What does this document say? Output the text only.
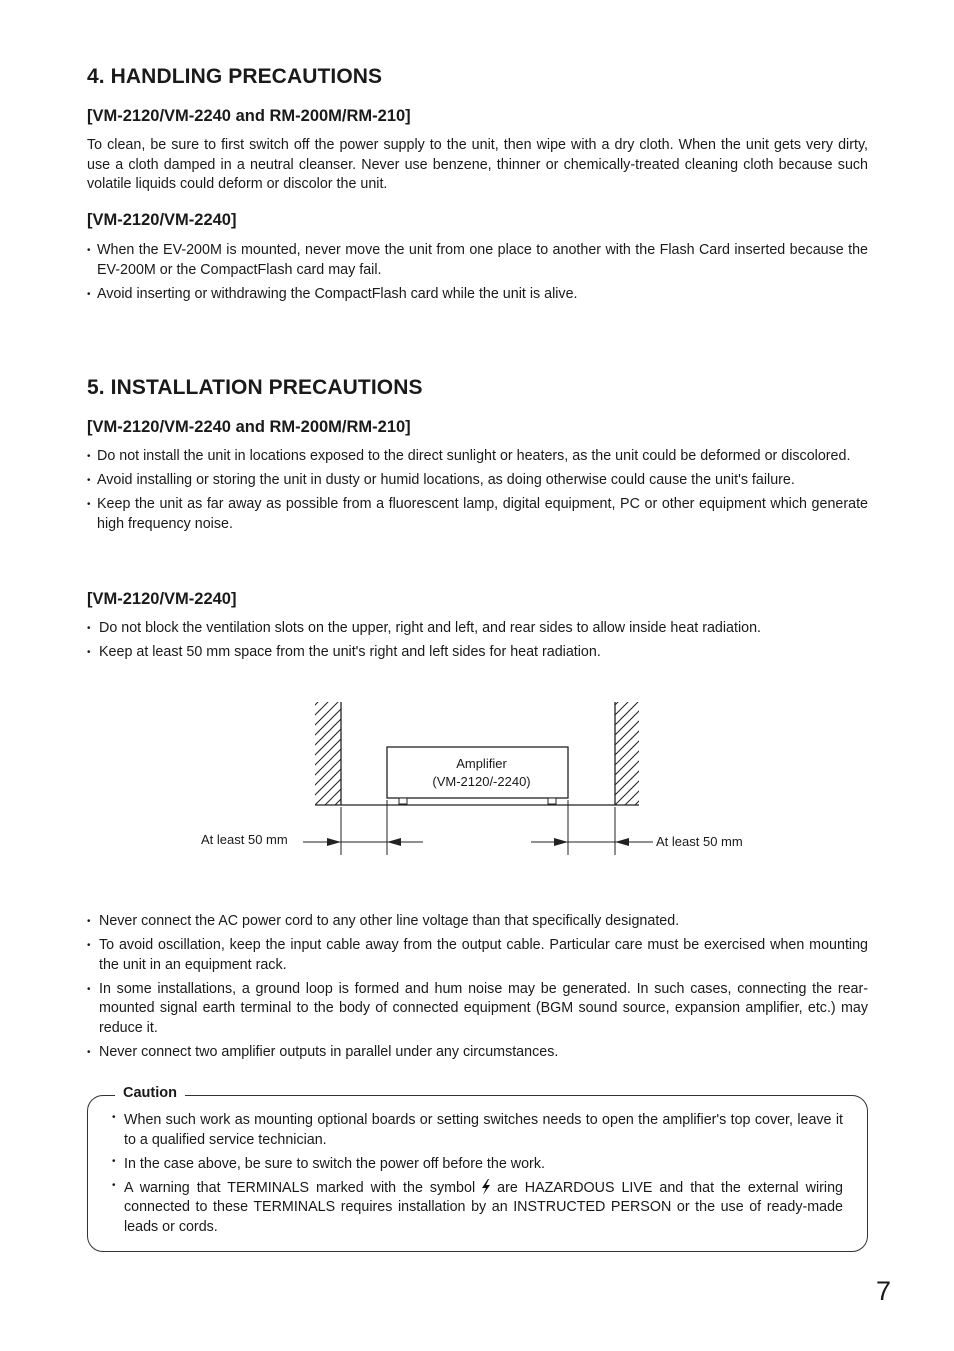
4. HANDLING PRECAUTIONS
[VM-2120/VM-2240 and RM-200M/RM-210]

To clean, be sure to first switch off the power supply to the unit, then wipe with a dry cloth. When the unit gets very dirty, use a cloth damped in a neutral cleanser. Never use benzene, thinner or chemically-treated cleaning cloth because such volatile liquids could deform or discolor the unit.

[VM-2120/VM-2240]
• When the EV-200M is mounted, never move the unit from one place to another with the Flash Card inserted because the EV-200M or the CompactFlash card may fail.
• Avoid inserting or withdrawing the CompactFlash card while the unit is alive.
5. INSTALLATION PRECAUTIONS
[VM-2120/VM-2240 and RM-200M/RM-210]
• Do not install the unit in locations exposed to the direct sunlight or heaters, as the unit could be deformed or discolored.
• Avoid installing or storing the unit in dusty or humid locations, as doing otherwise could cause the unit's failure.
• Keep the unit as far away as possible from a fluorescent lamp, digital equipment, PC or other equipment which generate high frequency noise.
[VM-2120/VM-2240]
• Do not block the ventilation slots on the upper, right and left, and rear sides to allow inside heat radiation.
• Keep at least 50 mm space from the unit's right and left sides for heat radiation.
Amplifier
(VM-2120/-2240)
At least 50 mm	At least 50 mm
• Never connect the AC power cord to any other line voltage than that specifically designated.
• To avoid oscillation, keep the input cable away from the output cable. Particular care must be exercised when mounting the unit in an equipment rack.
• In some installations, a ground loop is formed and hum noise may be generated. In such cases, connecting the rear-mounted signal earth terminal to the body of connected equipment (BGM sound source, expansion amplifier, etc.) may reduce it.
• Never connect two amplifier outputs in parallel under any circumstances.
Caution
• When such work as mounting optional boards or setting switches needs to open the amplifier's top cover, leave it to a qualified service technician.
• In the case above, be sure to switch the power off before the work.
• A warning that TERMINALS marked with the symbol are HAZARDOUS LIVE and that the external wiring connected to these TERMINALS requires installation by an INSTRUCTED PERSON or the use of ready-made leads or cords.
7
